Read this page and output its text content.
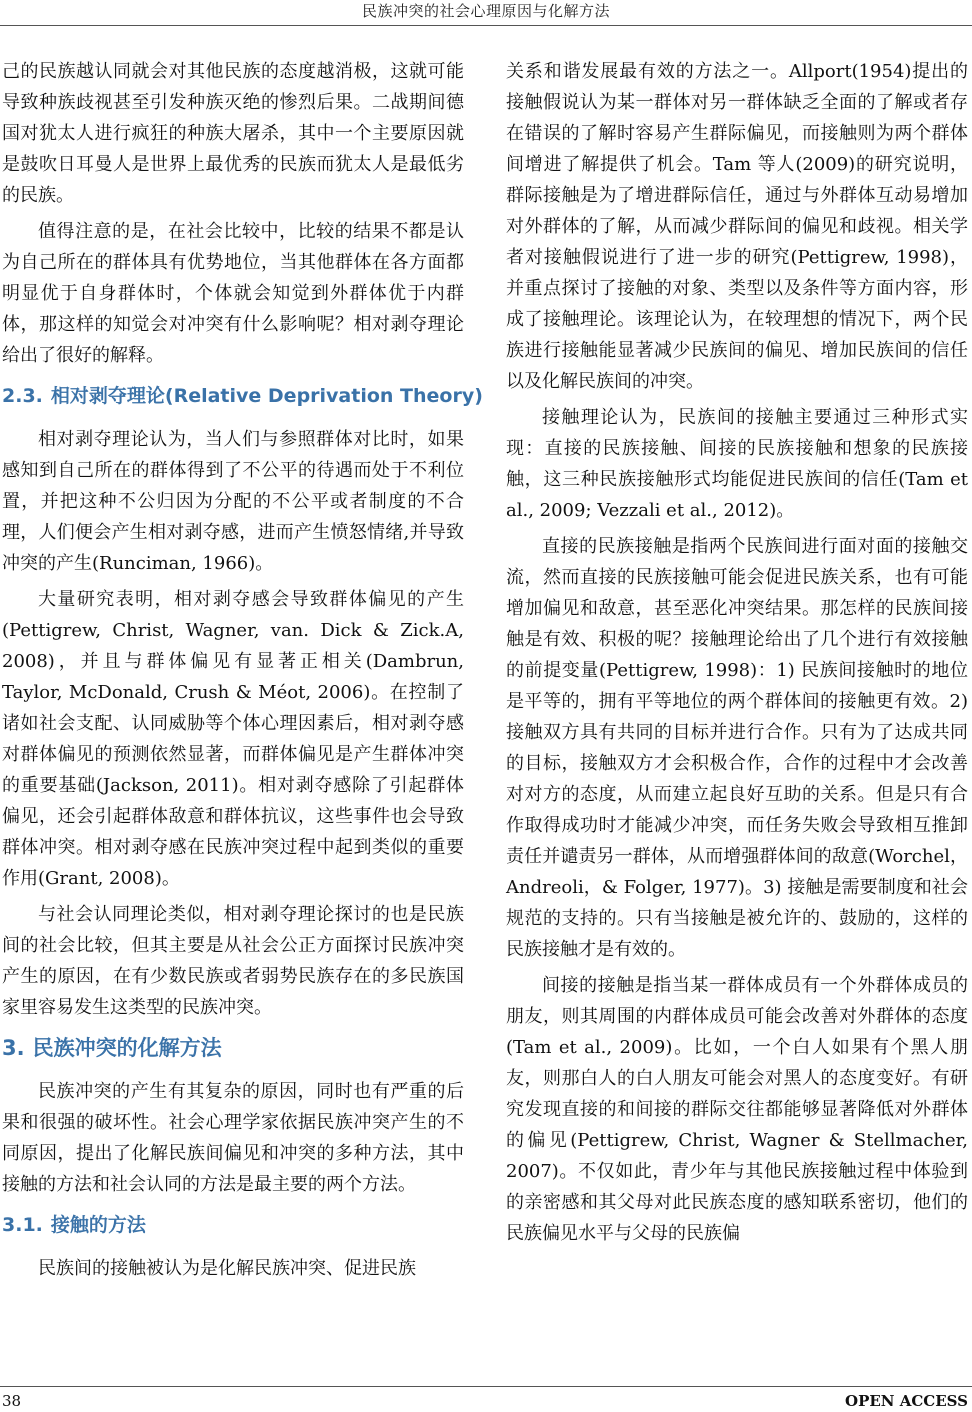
民族冲突的社会心理原因与化解方法

己的民族越认同就会对其他民族的态度越消极，这就可能导致种族歧视甚至引发种族灭绝的惨烈后果。二战期间德国对犹太人进行疯狂的种族大屠杀，其中一个主要原因就是鼓吹日耳曼人是世界上最优秀的民族而犹太人是最低劣的民族。

值得注意的是，在社会比较中，比较的结果不都是认为自己所在的群体具有优势地位，当其他群体在各方面都明显优于自身群体时，个体就会知觉到外群体优于内群体，那这样的知觉会对冲突有什么影响呢？相对剥夺理论给出了很好的解释。

2.3. 相对剥夺理论(Relative Deprivation Theory)

相对剥夺理论认为，当人们与参照群体对比时，如果感知到自己所在的群体得到了不公平的待遇而处于不利位置，并把这种不公归因为分配的不公平或者制度的不合理，人们便会产生相对剥夺感，进而产生愤怒情绪,并导致冲突的产生(Runciman, 1966)。

大量研究表明，相对剥夺感会导致群体偏见的产生(Pettigrew, Christ, Wagner, van. Dick & Zick.A, 2008)，并且与群体偏见有显著正相关(Dambrun, Taylor, McDonald, Crush & Méot, 2006)。在控制了诸如社会支配、认同威胁等个体心理因素后，相对剥夺感对群体偏见的预测依然显著，而群体偏见是产生群体冲突的重要基础(Jackson, 2011)。相对剥夺感除了引起群体偏见，还会引起群体敌意和群体抗议，这些事件也会导致群体冲突。相对剥夺感在民族冲突过程中起到类似的重要作用(Grant, 2008)。

与社会认同理论类似，相对剥夺理论探讨的也是民族间的社会比较，但其主要是从社会公正方面探讨民族冲突产生的原因，在有少数民族或者弱势民族存在的多民族国家里容易发生这类型的民族冲突。

3. 民族冲突的化解方法

民族冲突的产生有其复杂的原因，同时也有严重的后果和很强的破坏性。社会心理学家依据民族冲突产生的不同原因，提出了化解民族间偏见和冲突的多种方法，其中接触的方法和社会认同的方法是最主要的两个方法。

3.1. 接触的方法

民族间的接触被认为是化解民族冲突、促进民族

关系和谐发展最有效的方法之一。Allport(1954)提出的接触假说认为某一群体对另一群体缺乏全面的了解或者存在错误的了解时容易产生群际偏见，而接触则为两个群体间增进了解提供了机会。Tam 等人(2009)的研究说明，群际接触是为了增进群际信任，通过与外群体互动易增加对外群体的了解，从而减少群际间的偏见和歧视。相关学者对接触假说进行了进一步的研究(Pettigrew, 1998)，并重点探讨了接触的对象、类型以及条件等方面内容，形成了接触理论。该理论认为，在较理想的情况下，两个民族进行接触能显著减少民族间的偏见、增加民族间的信任以及化解民族间的冲突。

接触理论认为，民族间的接触主要通过三种形式实现：直接的民族接触、间接的民族接触和想象的民族接触，这三种民族接触形式均能促进民族间的信任(Tam et al., 2009; Vezzali et al., 2012)。

直接的民族接触是指两个民族间进行面对面的接触交流，然而直接的民族接触可能会促进民族关系，也有可能增加偏见和敌意，甚至恶化冲突结果。那怎样的民族间接触是有效、积极的呢？接触理论给出了几个进行有效接触的前提变量(Pettigrew, 1998)：1) 民族间接触时的地位是平等的，拥有平等地位的两个群体间的接触更有效。2) 接触双方具有共同的目标并进行合作。只有为了达成共同的目标，接触双方才会积极合作，合作的过程中才会改善对对方的态度，从而建立起良好互助的关系。但是只有合作取得成功时才能减少冲突，而任务失败会导致相互推卸责任并谴责另一群体，从而增强群体间的敌意(Worchel，Andreoli，& Folger, 1977)。3) 接触是需要制度和社会规范的支持的。只有当接触是被允许的、鼓励的，这样的民族接触才是有效的。

间接的接触是指当某一群体成员有一个外群体成员的朋友，则其周围的内群体成员可能会改善对外群体的态度(Tam et al., 2009)。比如，一个白人如果有个黑人朋友，则那白人的白人朋友可能会对黑人的态度变好。有研究发现直接的和间接的群际交往都能够显著降低对外群体的偏见(Pettigrew, Christ, Wagner & Stellmacher, 2007)。不仅如此，青少年与其他民族接触过程中体验到的亲密感和其父母对此民族态度的感知联系密切，他们的民族偏见水平与父母的民族偏

38	OPEN ACCESS
